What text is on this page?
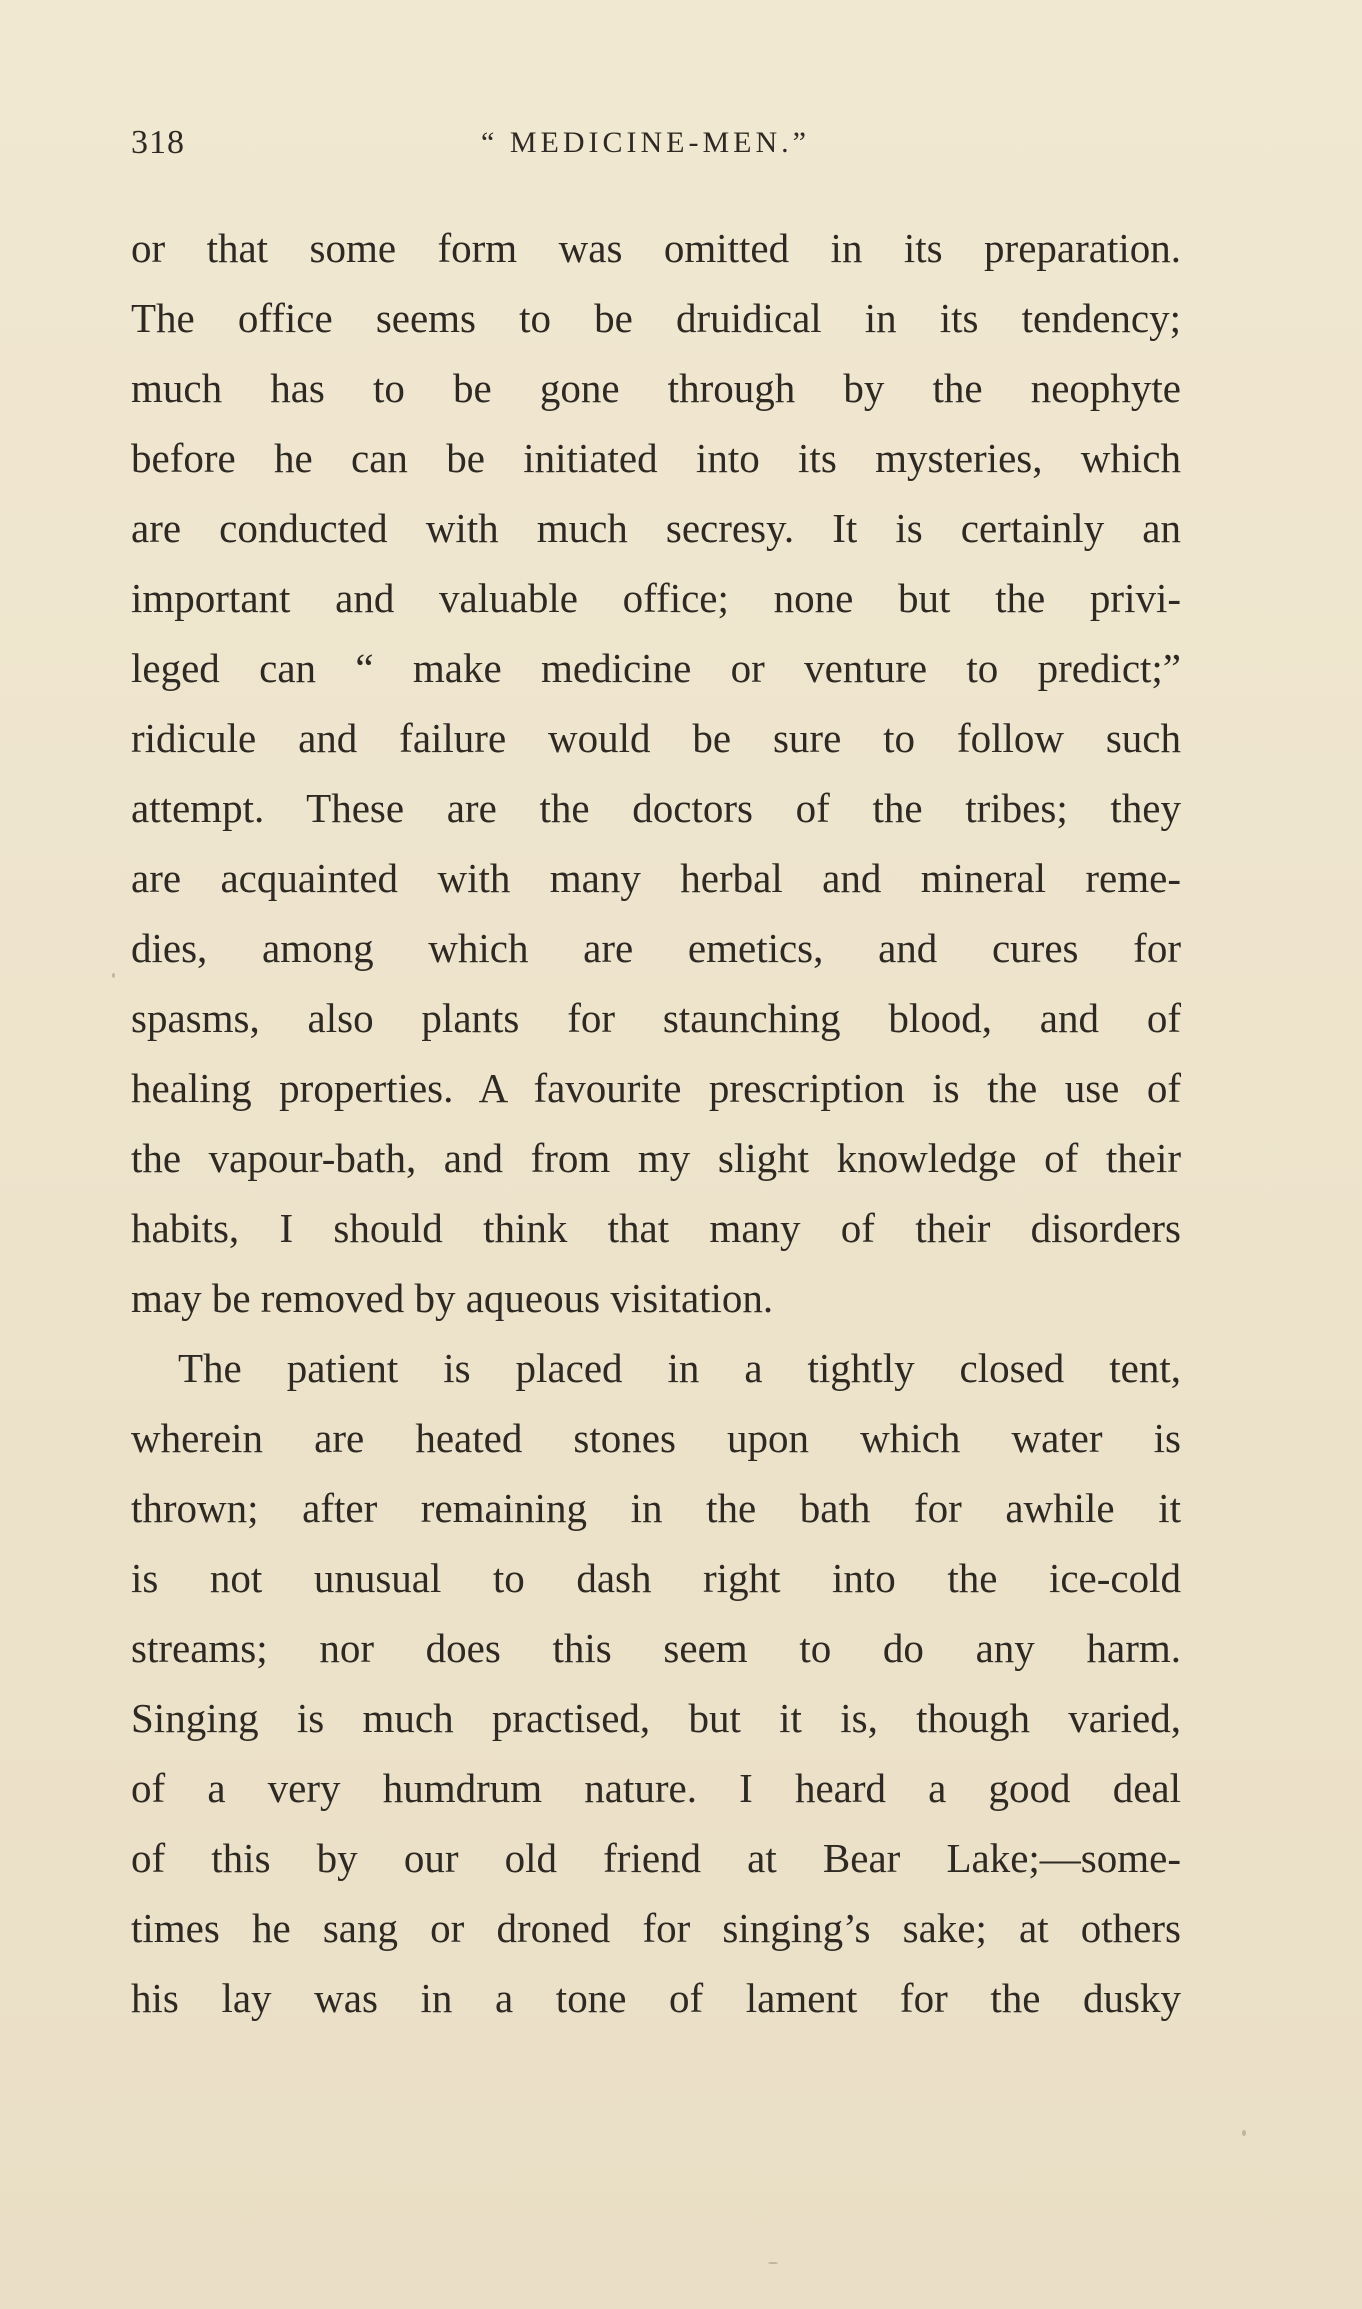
318	“ MEDICINE-MEN.”
or that some form was omitted in its preparation.
The office seems to be druidical in its tendency;
much has to be gone through by the neophyte
before he can be initiated into its mysteries, which
are conducted with much secresy. It is certainly an
important and valuable office; none but the privi-
leged can “ make medicine or venture to predict;”
ridicule and failure would be sure to follow such
attempt. These are the doctors of the tribes; they
are acquainted with many herbal and mineral reme-
dies, among which are emetics, and cures for
spasms, also plants for staunching blood, and of
healing properties. A favourite prescription is the use of
the vapour-bath, and from my slight knowledge of their
habits, I should think that many of their disorders
may be removed by aqueous visitation.
The patient is placed in a tightly closed tent,
wherein are heated stones upon which water is
thrown; after remaining in the bath for awhile it
is not unusual to dash right into the ice-cold
streams; nor does this seem to do any harm.
Singing is much practised, but it is, though varied,
of a very humdrum nature. I heard a good deal
of this by our old friend at Bear Lake;—some-
times he sang or droned for singing’s sake; at others
his lay was in a tone of lament for the dusky
